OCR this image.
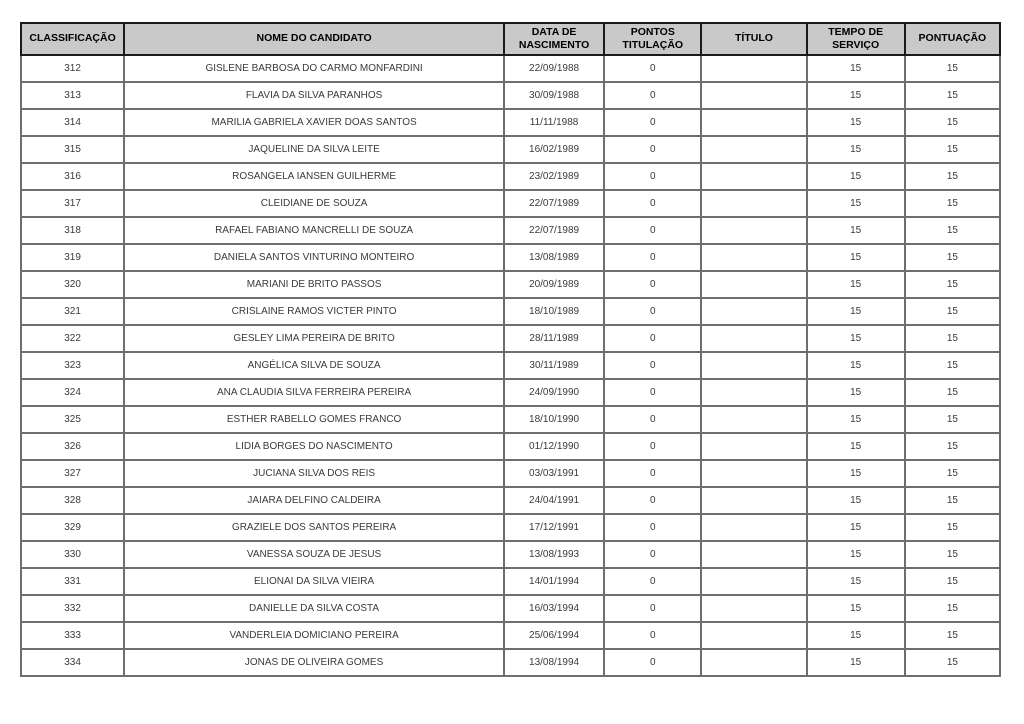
CLASSIFICAÇÃO	NOME DO CANDIDATO	DATA DE NASCIMENTO	PONTOS TITULAÇÃO	TÍTULO	TEMPO DE SERVIÇO	PONTUAÇÃO
312	GISLENE BARBOSA DO CARMO MONFARDINI	22/09/1988	0		15	15
313	FLAVIA DA SILVA PARANHOS	30/09/1988	0		15	15
314	MARILIA GABRIELA XAVIER DOAS SANTOS	11/11/1988	0		15	15
315	JAQUELINE DA SILVA LEITE	16/02/1989	0		15	15
316	ROSANGELA IANSEN GUILHERME	23/02/1989	0		15	15
317	CLEIDIANE DE SOUZA	22/07/1989	0		15	15
318	RAFAEL FABIANO MANCRELLI DE SOUZA	22/07/1989	0		15	15
319	DANIELA SANTOS VINTURINO MONTEIRO	13/08/1989	0		15	15
320	MARIANI DE BRITO PASSOS	20/09/1989	0		15	15
321	CRISLAINE RAMOS VICTER PINTO	18/10/1989	0		15	15
322	GESLEY LIMA PEREIRA DE BRITO	28/11/1989	0		15	15
323	ANGÉLICA SILVA DE SOUZA	30/11/1989	0		15	15
324	ANA CLAUDIA SILVA FERREIRA PEREIRA	24/09/1990	0		15	15
325	ESTHER RABELLO GOMES FRANCO	18/10/1990	0		15	15
326	LIDIA BORGES DO NASCIMENTO	01/12/1990	0		15	15
327	JUCIANA SILVA DOS REIS	03/03/1991	0		15	15
328	JAIARA DELFINO CALDEIRA	24/04/1991	0		15	15
329	GRAZIELE DOS SANTOS PEREIRA	17/12/1991	0		15	15
330	VANESSA SOUZA DE JESUS	13/08/1993	0		15	15
331	ELIONAI DA SILVA VIEIRA	14/01/1994	0		15	15
332	DANIELLE DA SILVA COSTA	16/03/1994	0		15	15
333	VANDERLEIA DOMICIANO PEREIRA	25/06/1994	0		15	15
334	JONAS DE OLIVEIRA GOMES	13/08/1994	0		15	15
